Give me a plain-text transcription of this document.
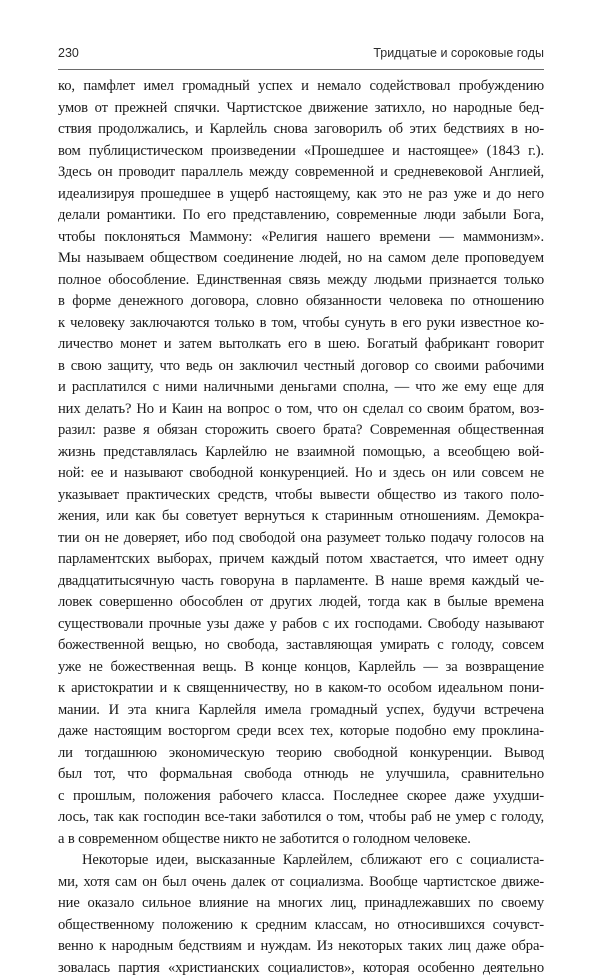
230	Тридцатые и сороковые годы
ко, памфлет имел громадный успех и немало содействовал пробуждению
умов от прежней спячки. Чартистское движение затихло, но народные бед-
ствия продолжались, и Карлейль снова заговорилъ об этих бедствиях в но-
вом публицистическом произведении «Прошедшее и настоящее» (1843 г.).
Здесь он проводит параллель между современной и средневековой Англией,
идеализируя прошедшее в ущерб настоящему, как это не раз уже и до него
делали романтики. По его представлению, современные люди забыли Бога,
чтобы поклоняться Маммону: «Религия нашего времени — маммонизм».
Мы называем обществом соединение людей, но на самом деле проповедуем
полное обособление. Единственная связь между людьми признается только
в форме денежного договора, словно обязанности человека по отношению
к человеку заключаются только в том, чтобы сунуть в его руки известное ко-
личество монет и затем вытолкать его в шею. Богатый фабрикант говорит
в свою защиту, что ведь он заключил честный договор со своими рабочими
и расплатился с ними наличными деньгами сполна, — что же ему еще для
них делать? Но и Каин на вопрос о том, что он сделал со своим братом, воз-
разил: разве я обязан сторожить своего брата? Современная общественная
жизнь представлялась Карлейлю не взаимной помощью, а всеобщею вой-
ной: ее и называют свободной конкуренцией. Но и здесь он или совсем не
указывает практических средств, чтобы вывести общество из такого поло-
жения, или как бы советует вернуться к старинным отношениям. Демокра-
тии он не доверяет, ибо под свободой она разумеет только подачу голосов на
парламентских выборах, причем каждый потом хвастается, что имеет одну
двадцатитысячную часть говоруна в парламенте. В наше время каждый че-
ловек совершенно обособлен от других людей, тогда как в былые времена
существовали прочные узы даже у рабов с их господами. Свободу называют
божественной вещью, но свобода, заставляющая умирать с голоду, совсем
уже не божественная вещь. В конце концов, Карлейль — за возвращение
к аристократии и к священничеству, но в каком-то особом идеальном пони-
мании. И эта книга Карлейля имела громадный успех, будучи встречена
даже настоящим восторгом среди всех тех, которые подобно ему проклина-
ли тогдашнюю экономическую теорию свободной конкуренции. Вывод
был тот, что формальная свобода отнюдь не улучшила, сравнительно
с прошлым, положения рабочего класса. Последнее скорее даже ухудши-
лось, так как господин все-таки заботился о том, чтобы раб не умер с голоду,
а в современном обществе никто не заботится о голодном человеке.
Некоторые идеи, высказанные Карлейлем, сближают его с социалиста-
ми, хотя сам он был очень далек от социализма. Вообще чартистское движе-
ние оказало сильное влияние на многих лиц, принадлежавших по своему
общественному положению к средним классам, но относившихся сочувст-
венно к народным бедствиям и нуждам. Из некоторых таких лиц даже обра-
зовалась партия «христианских социалистов», которая особенно деятельно
